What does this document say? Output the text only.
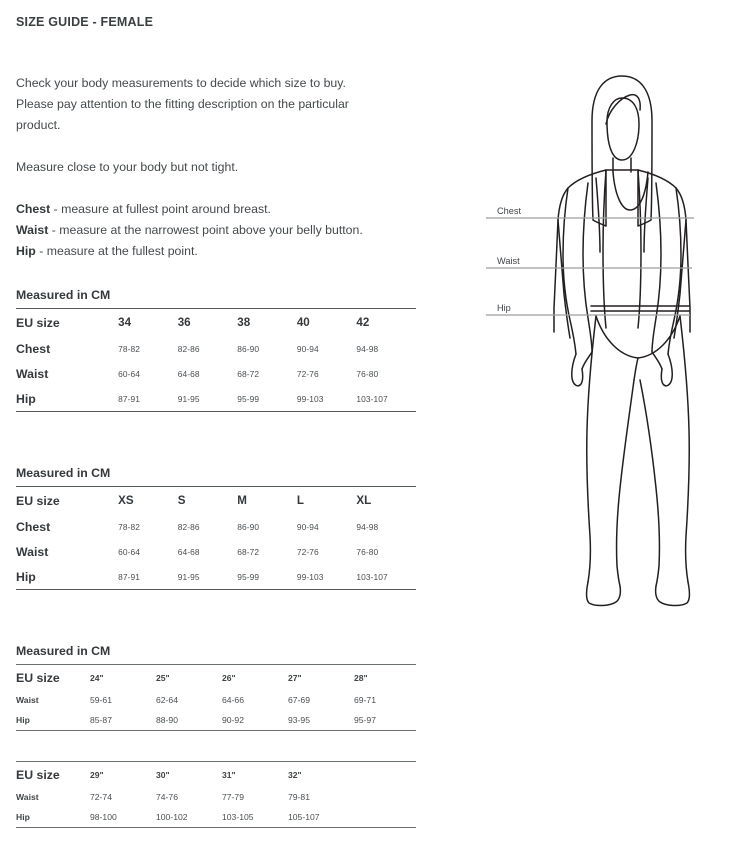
SIZE GUIDE - FEMALE

Check your body measurements to decide which size to buy.

Please pay attention to the fitting description on the particular

product.

Measure close to your body but not tight.

Chest - measure at fullest point around breast.

Waist - measure at the narrowest point above your belly button.

Hip - measure at the fullest point.

Measured in CM
EU size	34	36	38	40	42
Chest	78-82	82-86	86-90	90-94	94-98
Waist	60-64	64-68	68-72	72-76	76-80
Hip	87-91	91-95	95-99	99-103	103-107
Measured in CM
EU size	XS	S	M	L	XL
Chest	78-82	82-86	86-90	90-94	94-98
Waist	60-64	64-68	68-72	72-76	76-80
Hip	87-91	91-95	95-99	99-103	103-107
Measured in CM
EU size	24"	25"	26"	27"	28"
Waist	59-61	62-64	64-66	67-69	69-71
Hip	85-87	88-90	90-92	93-95	95-97
EU size	29"	30"	31"	32"	
Waist	72-74	74-76	77-79	79-81	
Hip	98-100	100-102	103-105	105-107	
Chest
Waist
Hip
